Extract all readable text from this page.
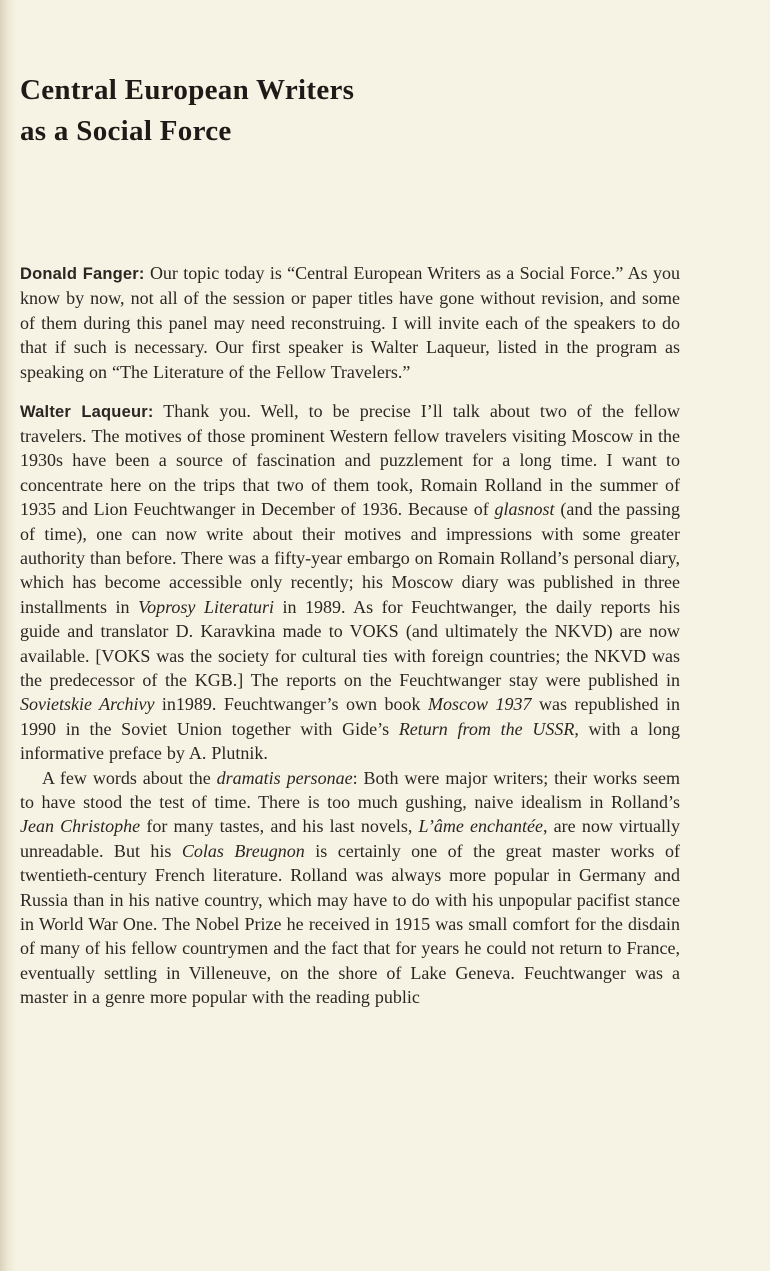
Central European Writers
as a Social Force

Donald Fanger: Our topic today is “Central European Writers as a Social Force.” As you know by now, not all of the session or paper titles have gone without revision, and some of them during this panel may need reconstruing. I will invite each of the speakers to do that if such is necessary. Our first speaker is Walter Laqueur, listed in the program as speaking on “The Literature of the Fellow Travelers.”

Walter Laqueur: Thank you. Well, to be precise I’ll talk about two of the fellow travelers. The motives of those prominent Western fellow travelers visiting Moscow in the 1930s have been a source of fascination and puzzlement for a long time. I want to concentrate here on the trips that two of them took, Romain Rolland in the summer of 1935 and Lion Feuchtwanger in December of 1936. Because of glasnost (and the passing of time), one can now write about their motives and impressions with some greater authority than before. There was a fifty-year embargo on Romain Rolland’s personal diary, which has become accessible only recently; his Moscow diary was published in three installments in Voprosy Literaturi in 1989. As for Feuchtwanger, the daily reports his guide and translator D. Karavkina made to VOKS (and ultimately the NKVD) are now available. [VOKS was the society for cultural ties with foreign countries; the NKVD was the predecessor of the KGB.] The reports on the Feuchtwanger stay were published in Sovietskie Archivy in1989. Feuchtwanger’s own book Moscow 1937 was republished in 1990 in the Soviet Union together with Gide’s Return from the USSR, with a long informative preface by A. Plutnik.

A few words about the dramatis personae: Both were major writers; their works seem to have stood the test of time. There is too much gushing, naive idealism in Rolland’s Jean Christophe for many tastes, and his last novels, L’âme enchantée, are now virtually unreadable. But his Colas Breugnon is certainly one of the great master works of twentieth-century French literature. Rolland was always more popular in Germany and Russia than in his native country, which may have to do with his unpopular pacifist stance in World War One. The Nobel Prize he received in 1915 was small comfort for the disdain of many of his fellow countrymen and the fact that for years he could not return to France, eventually settling in Villeneuve, on the shore of Lake Geneva. Feuchtwanger was a master in a genre more popular with the reading public
